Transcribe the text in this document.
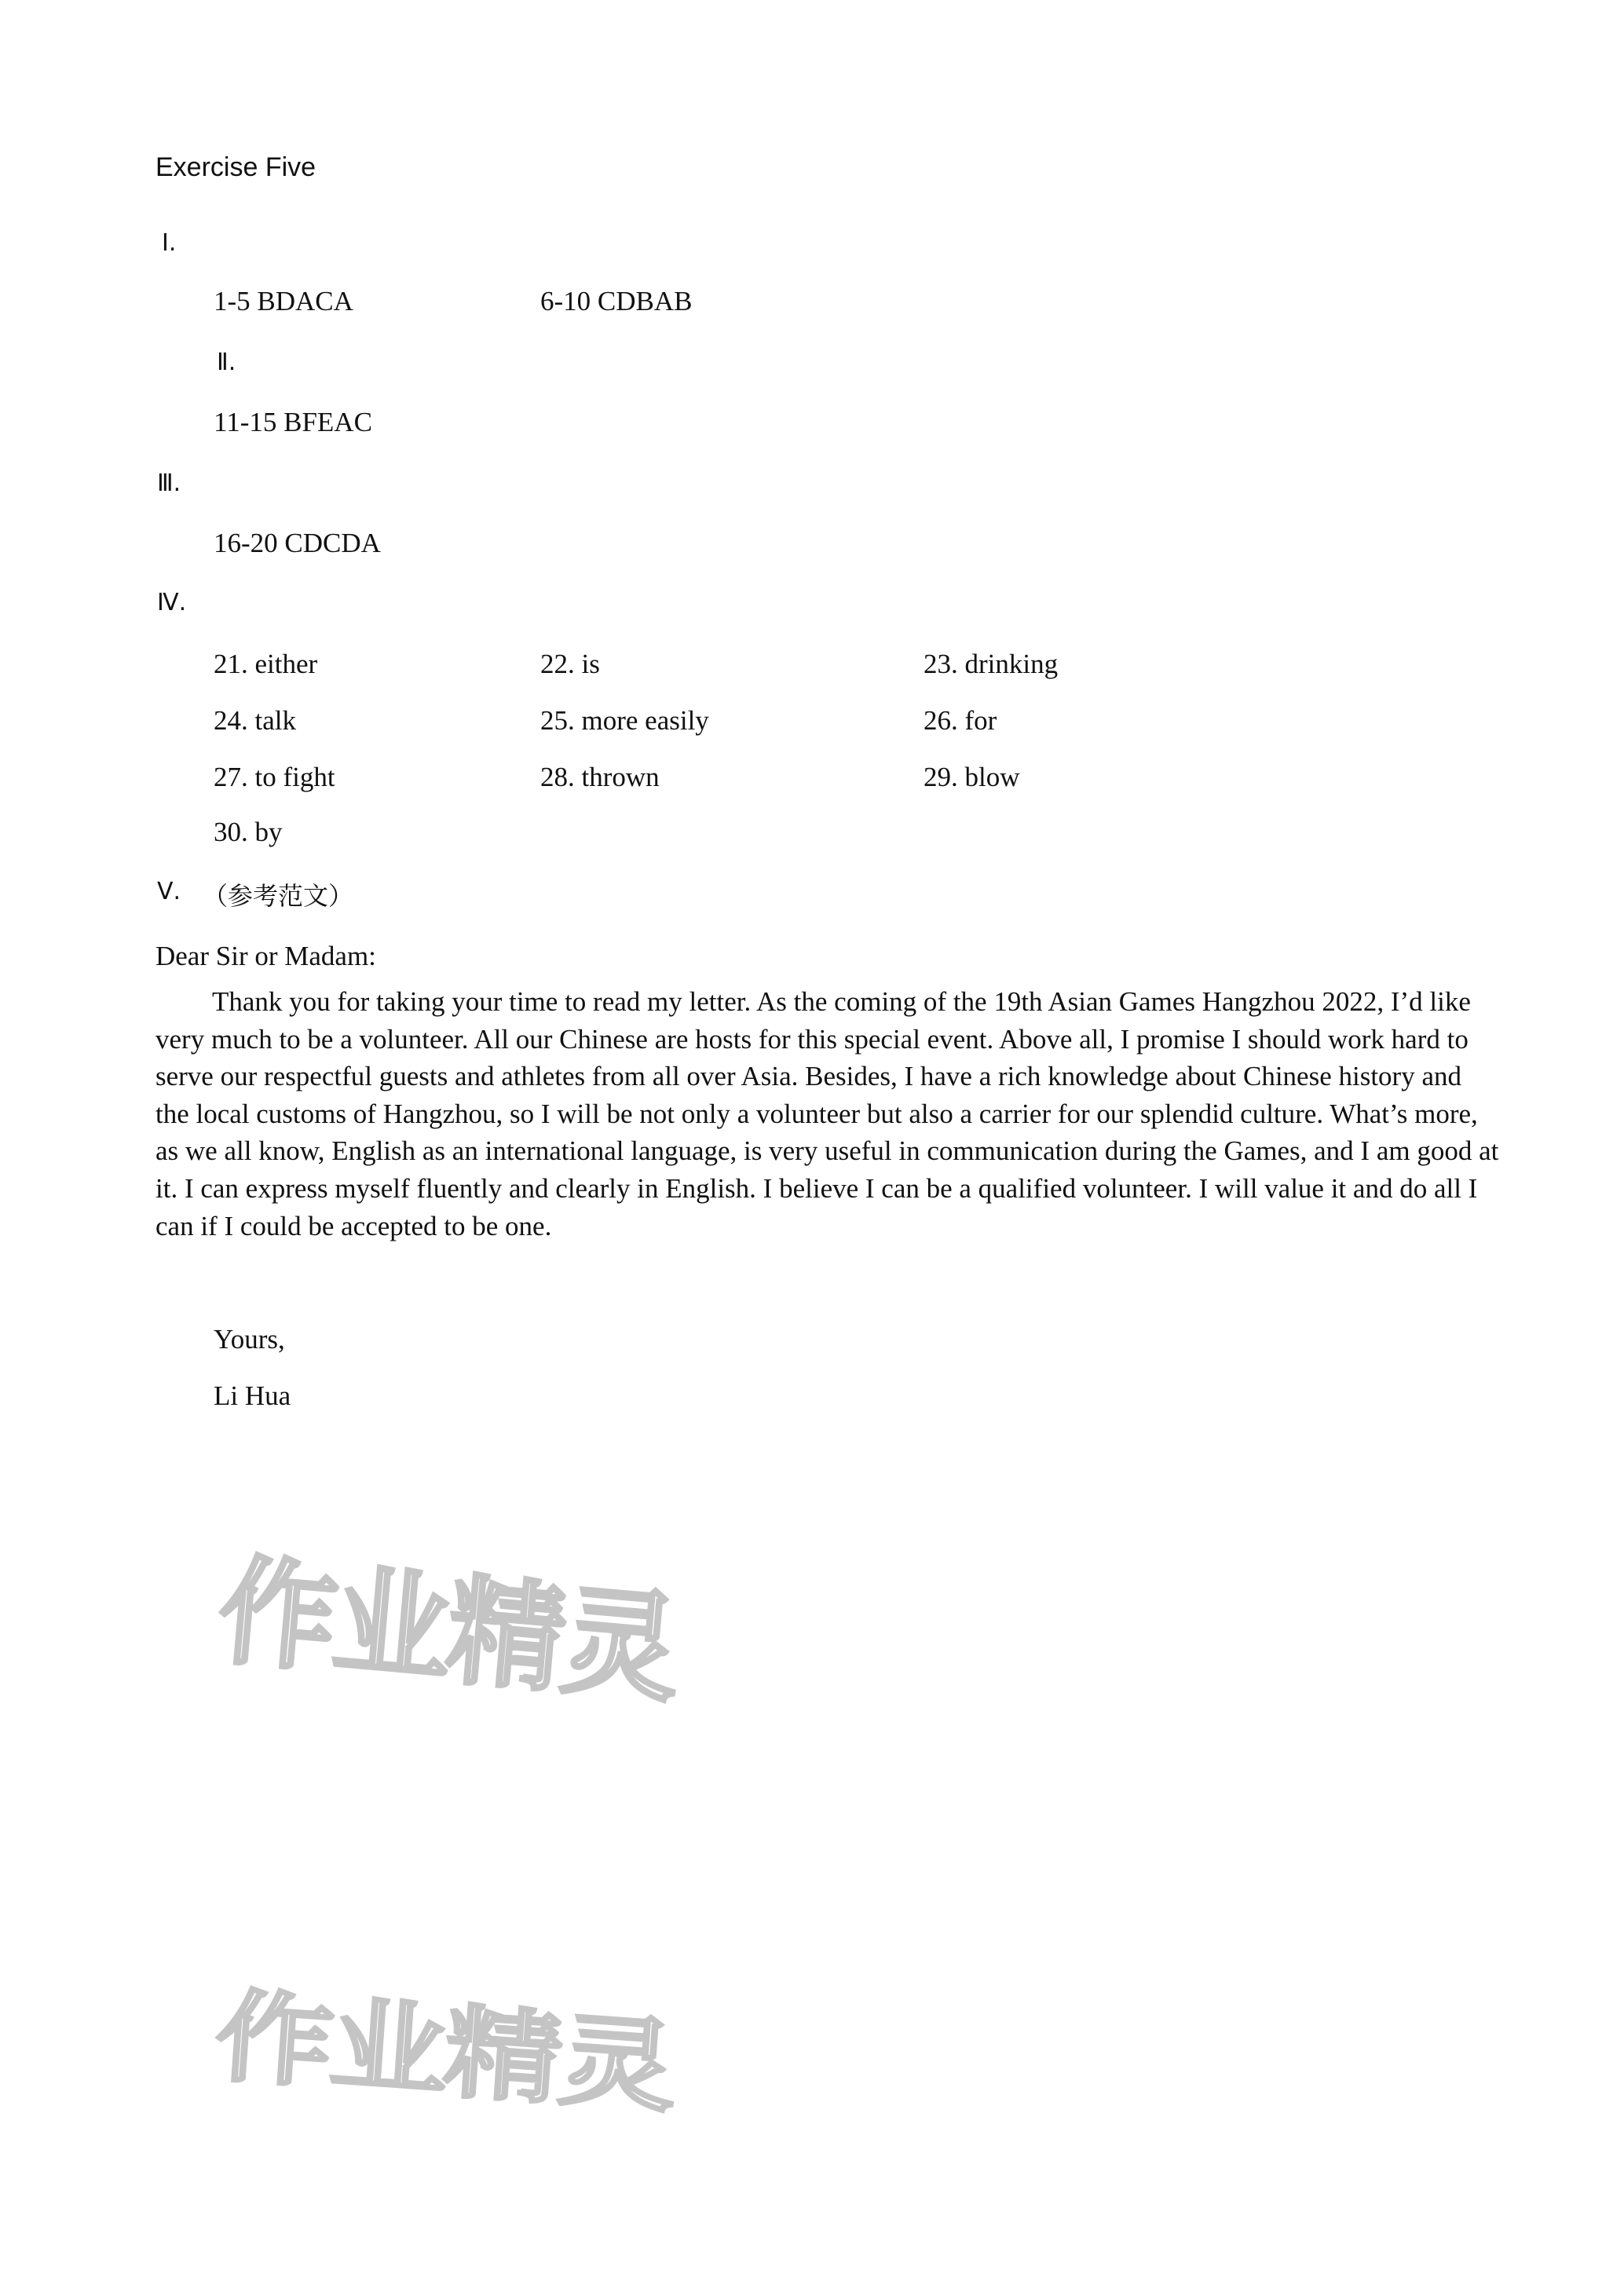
Exercise Five
Ⅰ.
1-5 BDACA	6-10 CDBAB
Ⅱ.
11-15 BFEAC
Ⅲ.
16-20 CDCDA
Ⅳ.
21. either	22. is	23. drinking
24. talk	25. more easily	26. for
27. to fight	28. thrown	29. blow
30. by
Ⅴ. （参考范文）
Dear Sir or Madam:

Thank you for taking your time to read my letter. As the coming of the 19th Asian Games Hangzhou 2022, I’d like very much to be a volunteer. All our Chinese are hosts for this special event. Above all, I promise I should work hard to serve our respectful guests and athletes from all over Asia. Besides, I have a rich knowledge about Chinese history and the local customs of Hangzhou, so I will be not only a volunteer but also a carrier for our splendid culture. What’s more, as we all know, English as an international language, is very useful in communication during the Games, and I am good at it. I can express myself fluently and clearly in English. I believe I can be a qualified volunteer. I will value it and do all I can if I could be accepted to be one.

Yours,
Li Hua
作业精灵
作业精灵
